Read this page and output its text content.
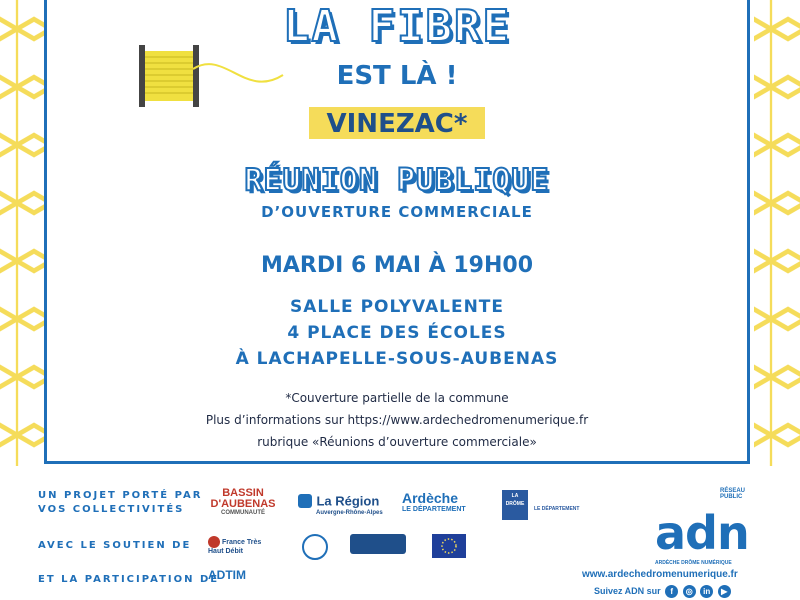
LA FIBRE
EST LÀ !
VINEZAC*
RÉUNION PUBLIQUE
D’OUVERTURE COMMERCIALE
MARDI 6 MAI À 19H00
SALLE POLYVALENTE
4 PLACE DES ÉCOLES
À LACHAPELLE-SOUS-AUBENAS
*Couverture partielle de la commune
Plus d’informations sur https://www.ardechedromenumerique.fr
rubrique «Réunions d’ouverture commerciale»
UN PROJET PORTÉ PAR
VOS COLLECTIVITÉS
AVEC LE SOUTIEN DE
ET LA PARTICIPATION DE
BASSIN D'AUBENAS
COMMUNAUTÉ
La Région
Auvergne-Rhône-Alpes
Ardèche
LE DÉPARTEMENT
LA DRÔME
LE DÉPARTEMENT
France Très Haut Débit
ADTIM
RÉSEAU PUBLIC
adn
ARDÈCHE DRÔME NUMÉRIQUE
www.ardechedromenumerique.fr
Suivez ADN sur f ◎ in ▶
